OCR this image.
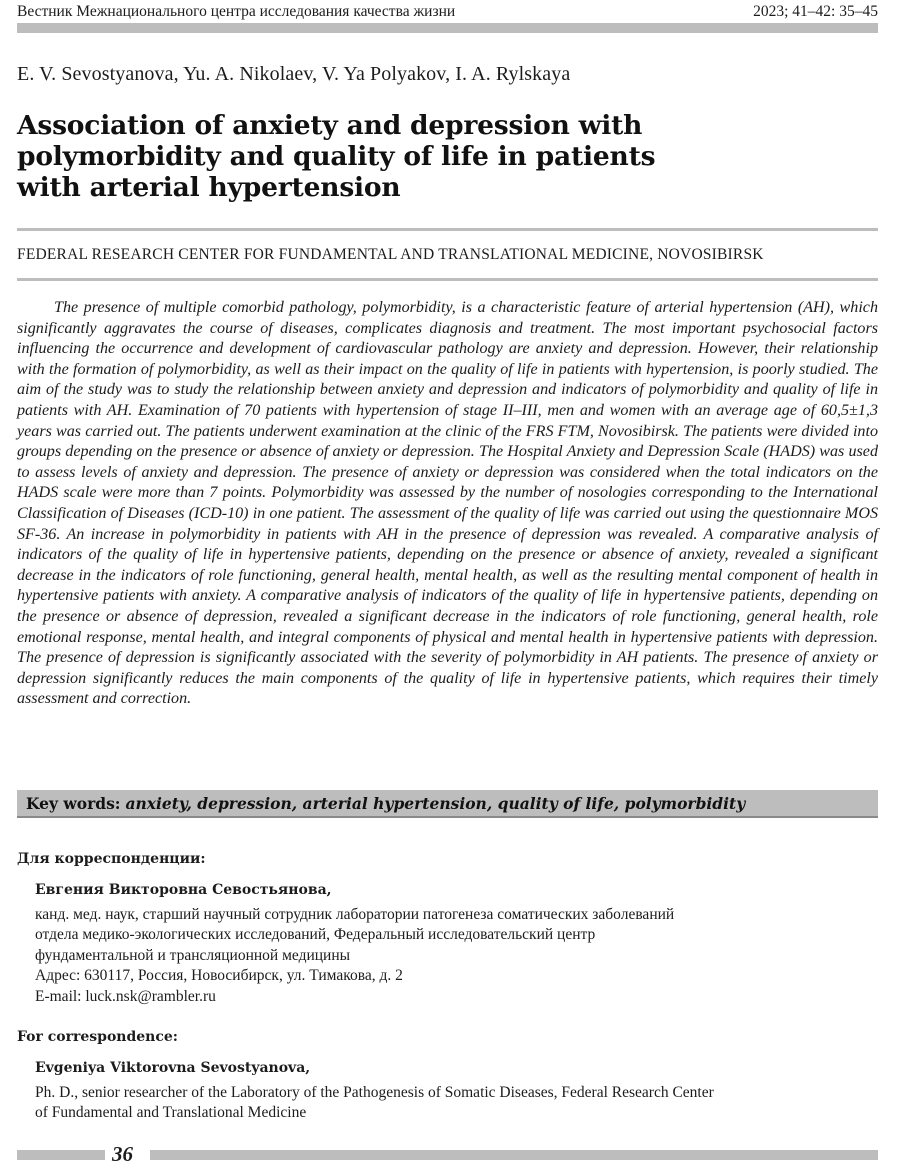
Вестник Межнационального центра исследования качества жизни	2023; 41–42: 35–45
E. V. Sevostyanova, Yu. A. Nikolaev, V. Ya Polyakov, I. A. Rylskaya
Association of anxiety and depression with polymorbidity and quality of life in patients with arterial hypertension
FEDERAL RESEARCH CENTER FOR FUNDAMENTAL AND TRANSLATIONAL MEDICINE, NOVOSIBIRSK

The presence of multiple comorbid pathology, polymorbidity, is a characteristic feature of arterial hypertension (AH), which significantly aggravates the course of diseases, complicates diagnosis and treatment. The most important psychosocial factors influencing the occurrence and development of cardiovascular pathology are anxiety and depression. However, their relationship with the formation of polymorbidity, as well as their impact on the quality of life in patients with hypertension, is poorly studied. The aim of the study was to study the relationship between anxiety and depression and indicators of polymorbidity and quality of life in patients with AH. Examination of 70 patients with hypertension of stage II–III, men and women with an average age of 60,5±1,3 years was carried out. The patients underwent examination at the clinic of the FRS FTM, Novosibirsk. The patients were divided into groups depending on the presence or absence of anxiety or depression. The Hospital Anxiety and Depression Scale (HADS) was used to assess levels of anxiety and depression. The presence of anxiety or depression was considered when the total indicators on the HADS scale were more than 7 points. Polymorbidity was assessed by the number of nosologies corresponding to the International Classification of Diseases (ICD-10) in one patient. The assessment of the quality of life was carried out using the questionnaire MOS SF-36. An increase in polymorbidity in patients with AH in the presence of depression was revealed. A comparative analysis of indicators of the quality of life in hypertensive patients, depending on the presence or absence of anxiety, revealed a significant decrease in the indicators of role functioning, general health, mental health, as well as the resulting mental component of health in hypertensive patients with anxiety. A comparative analysis of indicators of the quality of life in hypertensive patients, depending on the presence or absence of depression, revealed a significant decrease in the indicators of role functioning, general health, role emotional response, mental health, and integral components of physical and mental health in hypertensive patients with depression. The presence of depression is significantly associated with the severity of polymorbidity in AH patients. The presence of anxiety or depression significantly reduces the main components of the quality of life in hypertensive patients, which requires their timely assessment and correction.

Key words: anxiety, depression, arterial hypertension, quality of life, polymorbidity
Для корреспонденции:
Евгения Викторовна Севостьянова,
канд. мед. наук, старший научный сотрудник лаборатории патогенеза соматических заболеваний
отдела медико-экологических исследований, Федеральный исследовательский центр
фундаментальной и трансляционной медицины
Адрес: 630117, Россия, Новосибирск, ул. Тимакова, д. 2
E-mail: luck.nsk@rambler.ru
For correspondence:
Evgeniya Viktorovna Sevostyanova,
Ph. D., senior researcher of the Laboratory of the Pathogenesis of Somatic Diseases, Federal Research Center
of Fundamental and Translational Medicine
36
